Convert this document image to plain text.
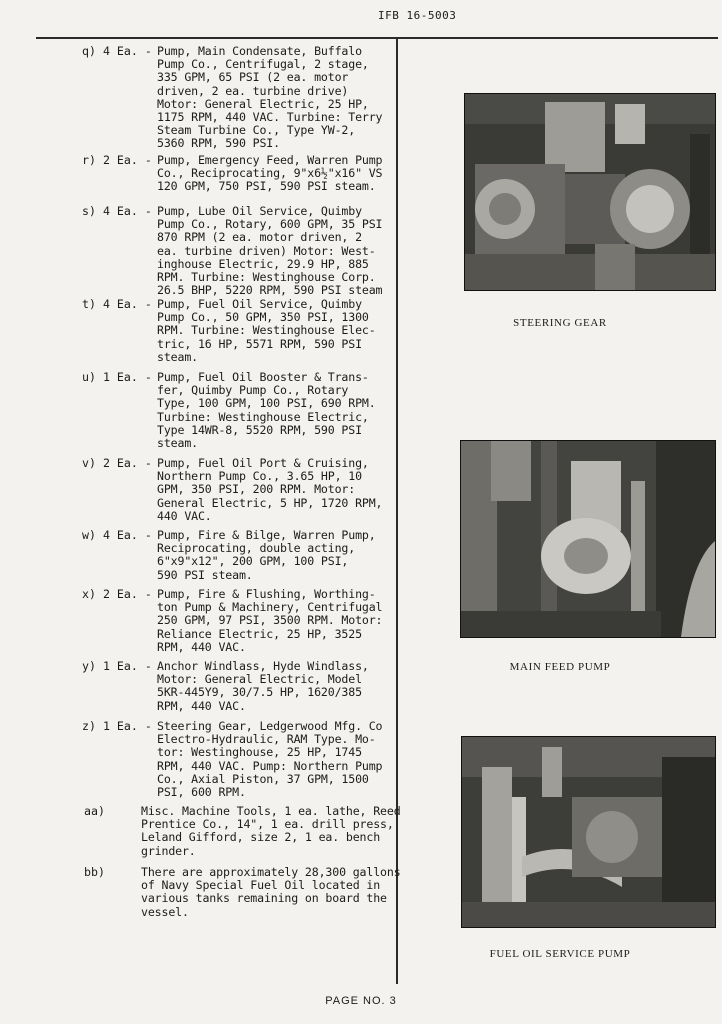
IFB 16-5003
q) 4 Ea. - Pump, Main Condensate, Buffalo
Pump Co., Centrifugal, 2 stage,
335 GPM, 65 PSI (2 ea. motor
driven, 2 ea. turbine drive)
Motor: General Electric, 25 HP,
1175 RPM, 440 VAC. Turbine: Terry
Steam Turbine Co., Type YW-2,
5360 RPM, 590 PSI.
r) 2 Ea. - Pump, Emergency Feed, Warren Pump
Co., Reciprocating, 9"x6½"x16" VS
120 GPM, 750 PSI, 590 PSI steam.
s) 4 Ea. - Pump, Lube Oil Service, Quimby
Pump Co., Rotary, 600 GPM, 35 PSI
870 RPM (2 ea. motor driven, 2
ea. turbine driven) Motor: West-
inghouse Electric, 29.9 HP, 885
RPM. Turbine: Westinghouse Corp.
26.5 BHP, 5220 RPM, 590 PSI steam
t) 4 Ea. - Pump, Fuel Oil Service, Quimby
Pump Co., 50 GPM, 350 PSI, 1300
RPM. Turbine: Westinghouse Elec-
tric, 16 HP, 5571 RPM, 590 PSI
steam.
u) 1 Ea. - Pump, Fuel Oil Booster & Trans-
fer, Quimby Pump Co., Rotary
Type, 100 GPM, 100 PSI, 690 RPM.
Turbine: Westinghouse Electric,
Type 14WR-8, 5520 RPM, 590 PSI
steam.
v) 2 Ea. - Pump, Fuel Oil Port & Cruising,
Northern Pump Co., 3.65 HP, 10
GPM, 350 PSI, 200 RPM. Motor:
General Electric, 5 HP, 1720 RPM,
440 VAC.
w) 4 Ea. - Pump, Fire & Bilge, Warren Pump,
Reciprocating, double acting,
6"x9"x12", 200 GPM, 100 PSI,
590 PSI steam.
x) 2 Ea. - Pump, Fire & Flushing, Worthing-
ton Pump & Machinery, Centrifugal
250 GPM, 97 PSI, 3500 RPM. Motor:
Reliance Electric, 25 HP, 3525
RPM, 440 VAC.
y) 1 Ea. - Anchor Windlass, Hyde Windlass,
Motor: General Electric, Model
5KR-445Y9, 30/7.5 HP, 1620/385
RPM, 440 VAC.
z) 1 Ea. - Steering Gear, Ledgerwood Mfg. Co
Electro-Hydraulic, RAM Type. Mo-
tor: Westinghouse, 25 HP, 1745
RPM, 440 VAC. Pump: Northern Pump
Co., Axial Piston, 37 GPM, 1500
PSI, 600 RPM.
aa)	Misc. Machine Tools, 1 ea. lathe, Reed
Prentice Co., 14", 1 ea. drill press,
Leland Gifford, size 2, 1 ea. bench
grinder.
bb)	There are approximately 28,300 gallons
of Navy Special Fuel Oil located in
various tanks remaining on board the
vessel.
STEERING GEAR
MAIN FEED PUMP
FUEL OIL SERVICE PUMP
PAGE NO. 3
